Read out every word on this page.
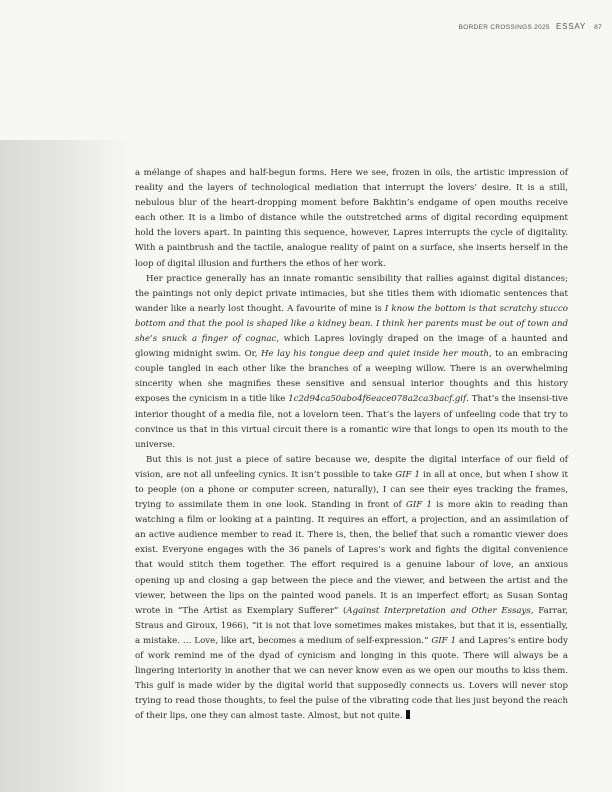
BORDER CROSSINGS 2025 ESSAY 87

a mélange of shapes and half-begun forms. Here we see, frozen in oils, the artistic impression of reality and the layers of technological mediation that interrupt the lovers’ desire. It is a still, nebulous blur of the heart-dropping moment before Bakhtin’s endgame of open mouths receive each other. It is a limbo of distance while the outstretched arms of digital recording equipment hold the lovers apart. In painting this sequence, however, Lapres interrupts the cycle of digitality. With a paintbrush and the tactile, analogue reality of paint on a surface, she inserts herself in the loop of digital illusion and furthers the ethos of her work.

Her practice generally has an innate romantic sensibility that rallies against digital distances; the paintings not only depict private intimacies, but she titles them with idiomatic sentences that wander like a nearly lost thought. A favourite of mine is I know the bottom is that scratchy stucco bottom and that the pool is shaped like a kidney bean. I think her parents must be out of town and she’s snuck a finger of cognac, which Lapres lovingly draped on the image of a haunted and glowing midnight swim. Or, He lay his tongue deep and quiet inside her mouth, to an embracing couple tangled in each other like the branches of a weeping willow. There is an overwhelming sincerity when she magnifies these sensitive and sensual interior thoughts and this history exposes the cynicism in a title like 1c2d94ca50abo4f6eace078a2ca3bacf.gif. That’s the insensi-tive interior thought of a media file, not a lovelorn teen. That’s the layers of unfeeling code that try to convince us that in this virtual circuit there is a romantic wire that longs to open its mouth to the universe.

But this is not just a piece of satire because we, despite the digital interface of our field of vision, are not all unfeeling cynics. It isn’t possible to take GIF 1 in all at once, but when I show it to people (on a phone or computer screen, naturally), I can see their eyes tracking the frames, trying to assimilate them in one look. Standing in front of GIF 1 is more akin to reading than watching a film or looking at a painting. It requires an effort, a projection, and an assimilation of an active audience member to read it. There is, then, the belief that such a romantic viewer does exist. Everyone engages with the 36 panels of Lapres’s work and fights the digital convenience that would stitch them together. The effort required is a genuine labour of love, an anxious opening up and closing a gap between the piece and the viewer, and between the artist and the viewer, between the lips on the painted wood panels. It is an imperfect effort; as Susan Sontag wrote in “The Artist as Exemplary Sufferer” (Against Interpretation and Other Essays, Farrar, Straus and Giroux, 1966), “it is not that love sometimes makes mistakes, but that it is, essentially, a mistake. … Love, like art, becomes a medium of self-expression.” GIF 1 and Lapres’s entire body of work remind me of the dyad of cynicism and longing in this quote. There will always be a lingering interiority in another that we can never know even as we open our mouths to kiss them. This gulf is made wider by the digital world that supposedly connects us. Lovers will never stop trying to read those thoughts, to feel the pulse of the vibrating code that lies just beyond the reach of their lips, one they can almost taste. Almost, but not quite.
